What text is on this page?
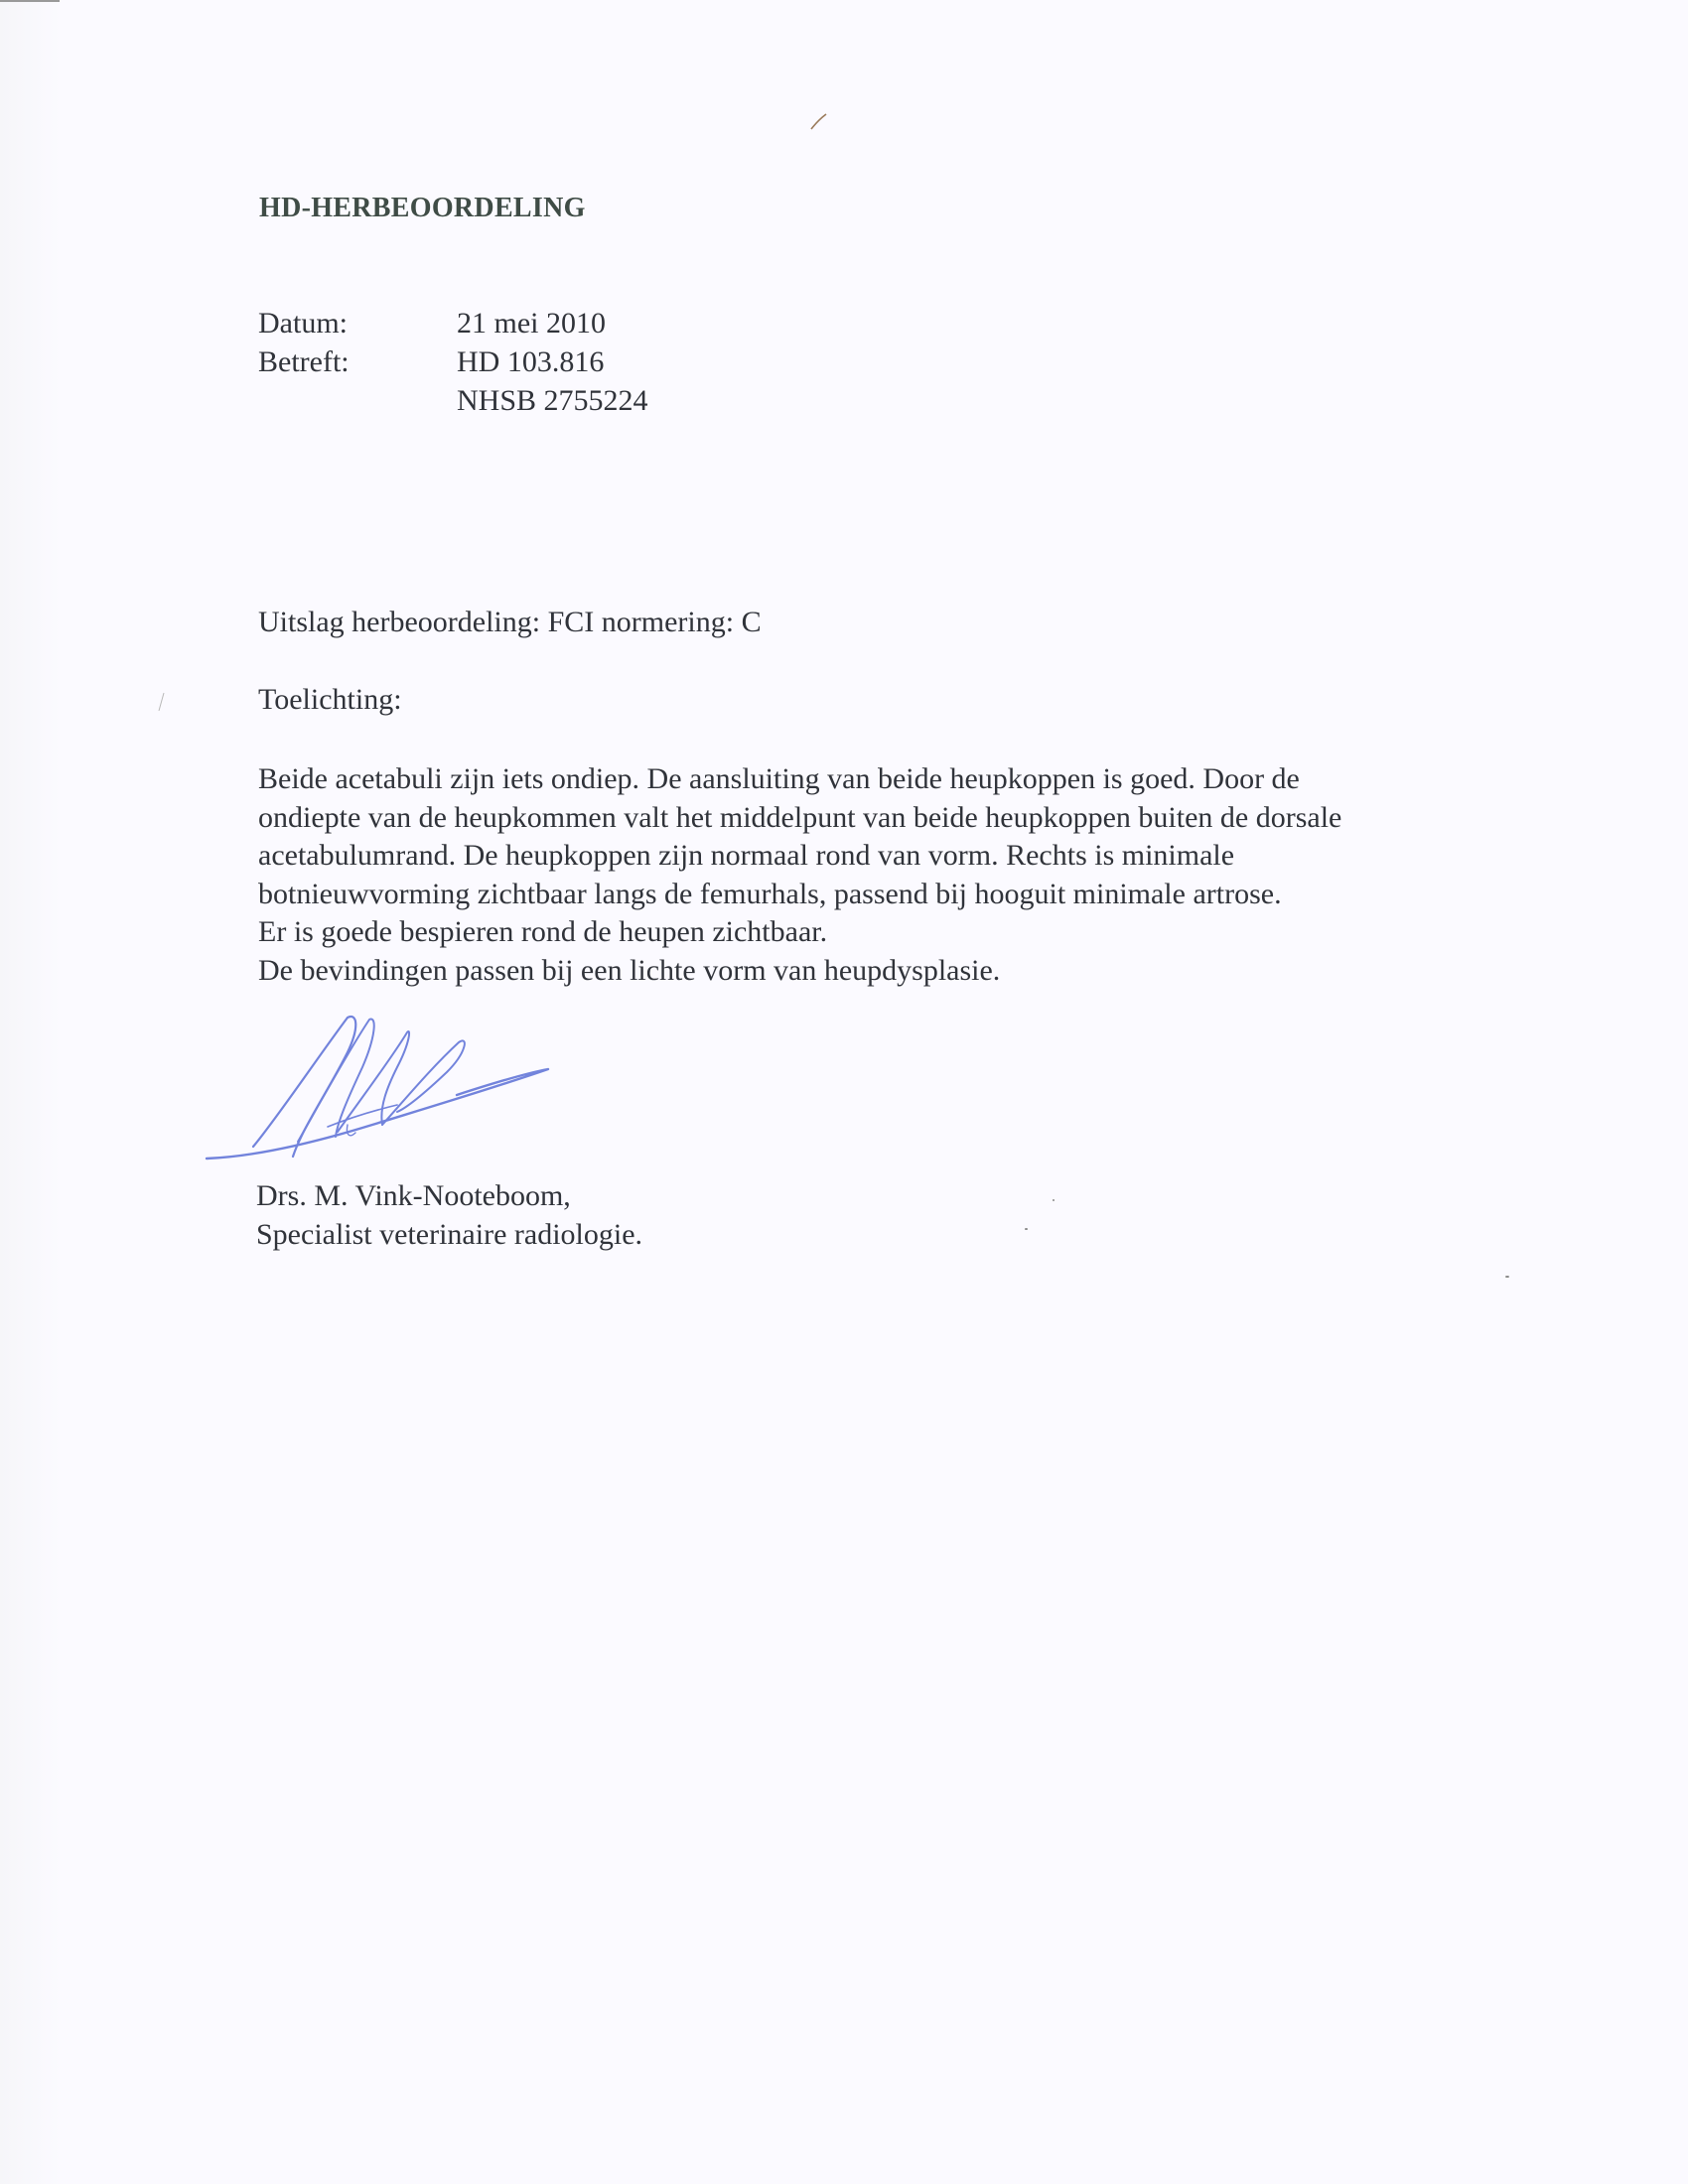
HD-HERBEOORDELING
Datum:	21 mei 2010
Betreft:	HD 103.816
NHSB 2755224
Uitslag herbeoordeling: FCI normering: C
Toelichting:
Beide acetabuli zijn iets ondiep. De aansluiting van beide heupkoppen is goed. Door de
ondiepte van de heupkommen valt het middelpunt van beide heupkoppen buiten de dorsale
acetabulumrand. De heupkoppen zijn normaal rond van vorm. Rechts is minimale
botnieuwvorming zichtbaar langs de femurhals, passend bij hooguit minimale artrose.
Er is goede bespieren rond de heupen zichtbaar.
De bevindingen passen bij een lichte vorm van heupdysplasie.
Drs. M. Vink-Nooteboom,
Specialist veterinaire radiologie.
